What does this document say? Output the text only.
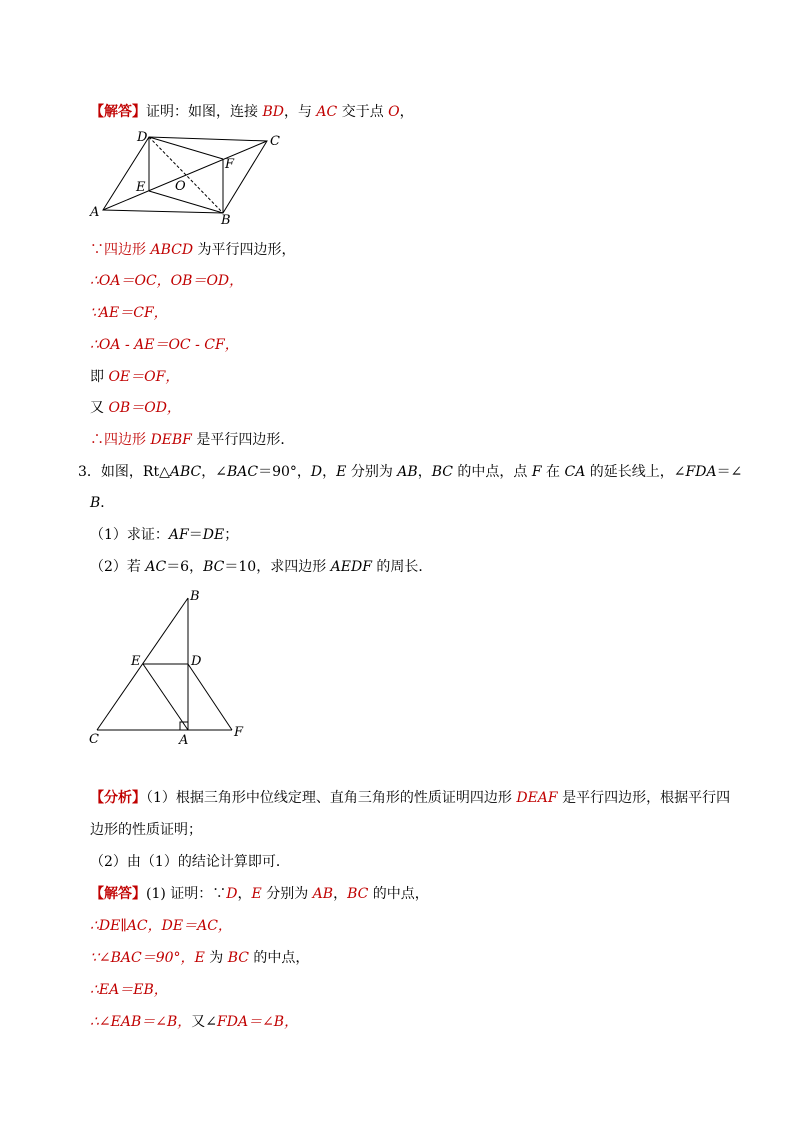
【解答】证明：如图，连接 BD，与 AC 交于点 O，
D	C
E
F
O
A
B
∵四边形 ABCD 为平行四边形，
∴OA＝OC，OB＝OD，
∵AE＝CF，
∴OA - AE＝OC - CF，
即 OE＝OF，
又 OB＝OD，
∴四边形 DEBF 是平行四边形．
3．如图，Rt△ABC，∠BAC＝90°，D，E 分别为 AB，BC 的中点，点 F 在 CA 的延长线上，∠FDA＝∠
B．
（1）求证：AF＝DE；
（2）若 AC＝6，BC＝10，求四边形 AEDF 的周长．
B
E	D
C	A
F
【分析】（1）根据三角形中位线定理、直角三角形的性质证明四边形 DEAF 是平行四边形，根据平行四
边形的性质证明；
（2）由（1）的结论计算即可．
【解答】(1) 证明：∵D，E 分别为 AB，BC 的中点，
∴DE∥AC，DE＝AC，
∵∠BAC＝90°，E 为 BC 的中点，
∴EA＝EB，
∴∠EAB＝∠B，又∠FDA＝∠B，
